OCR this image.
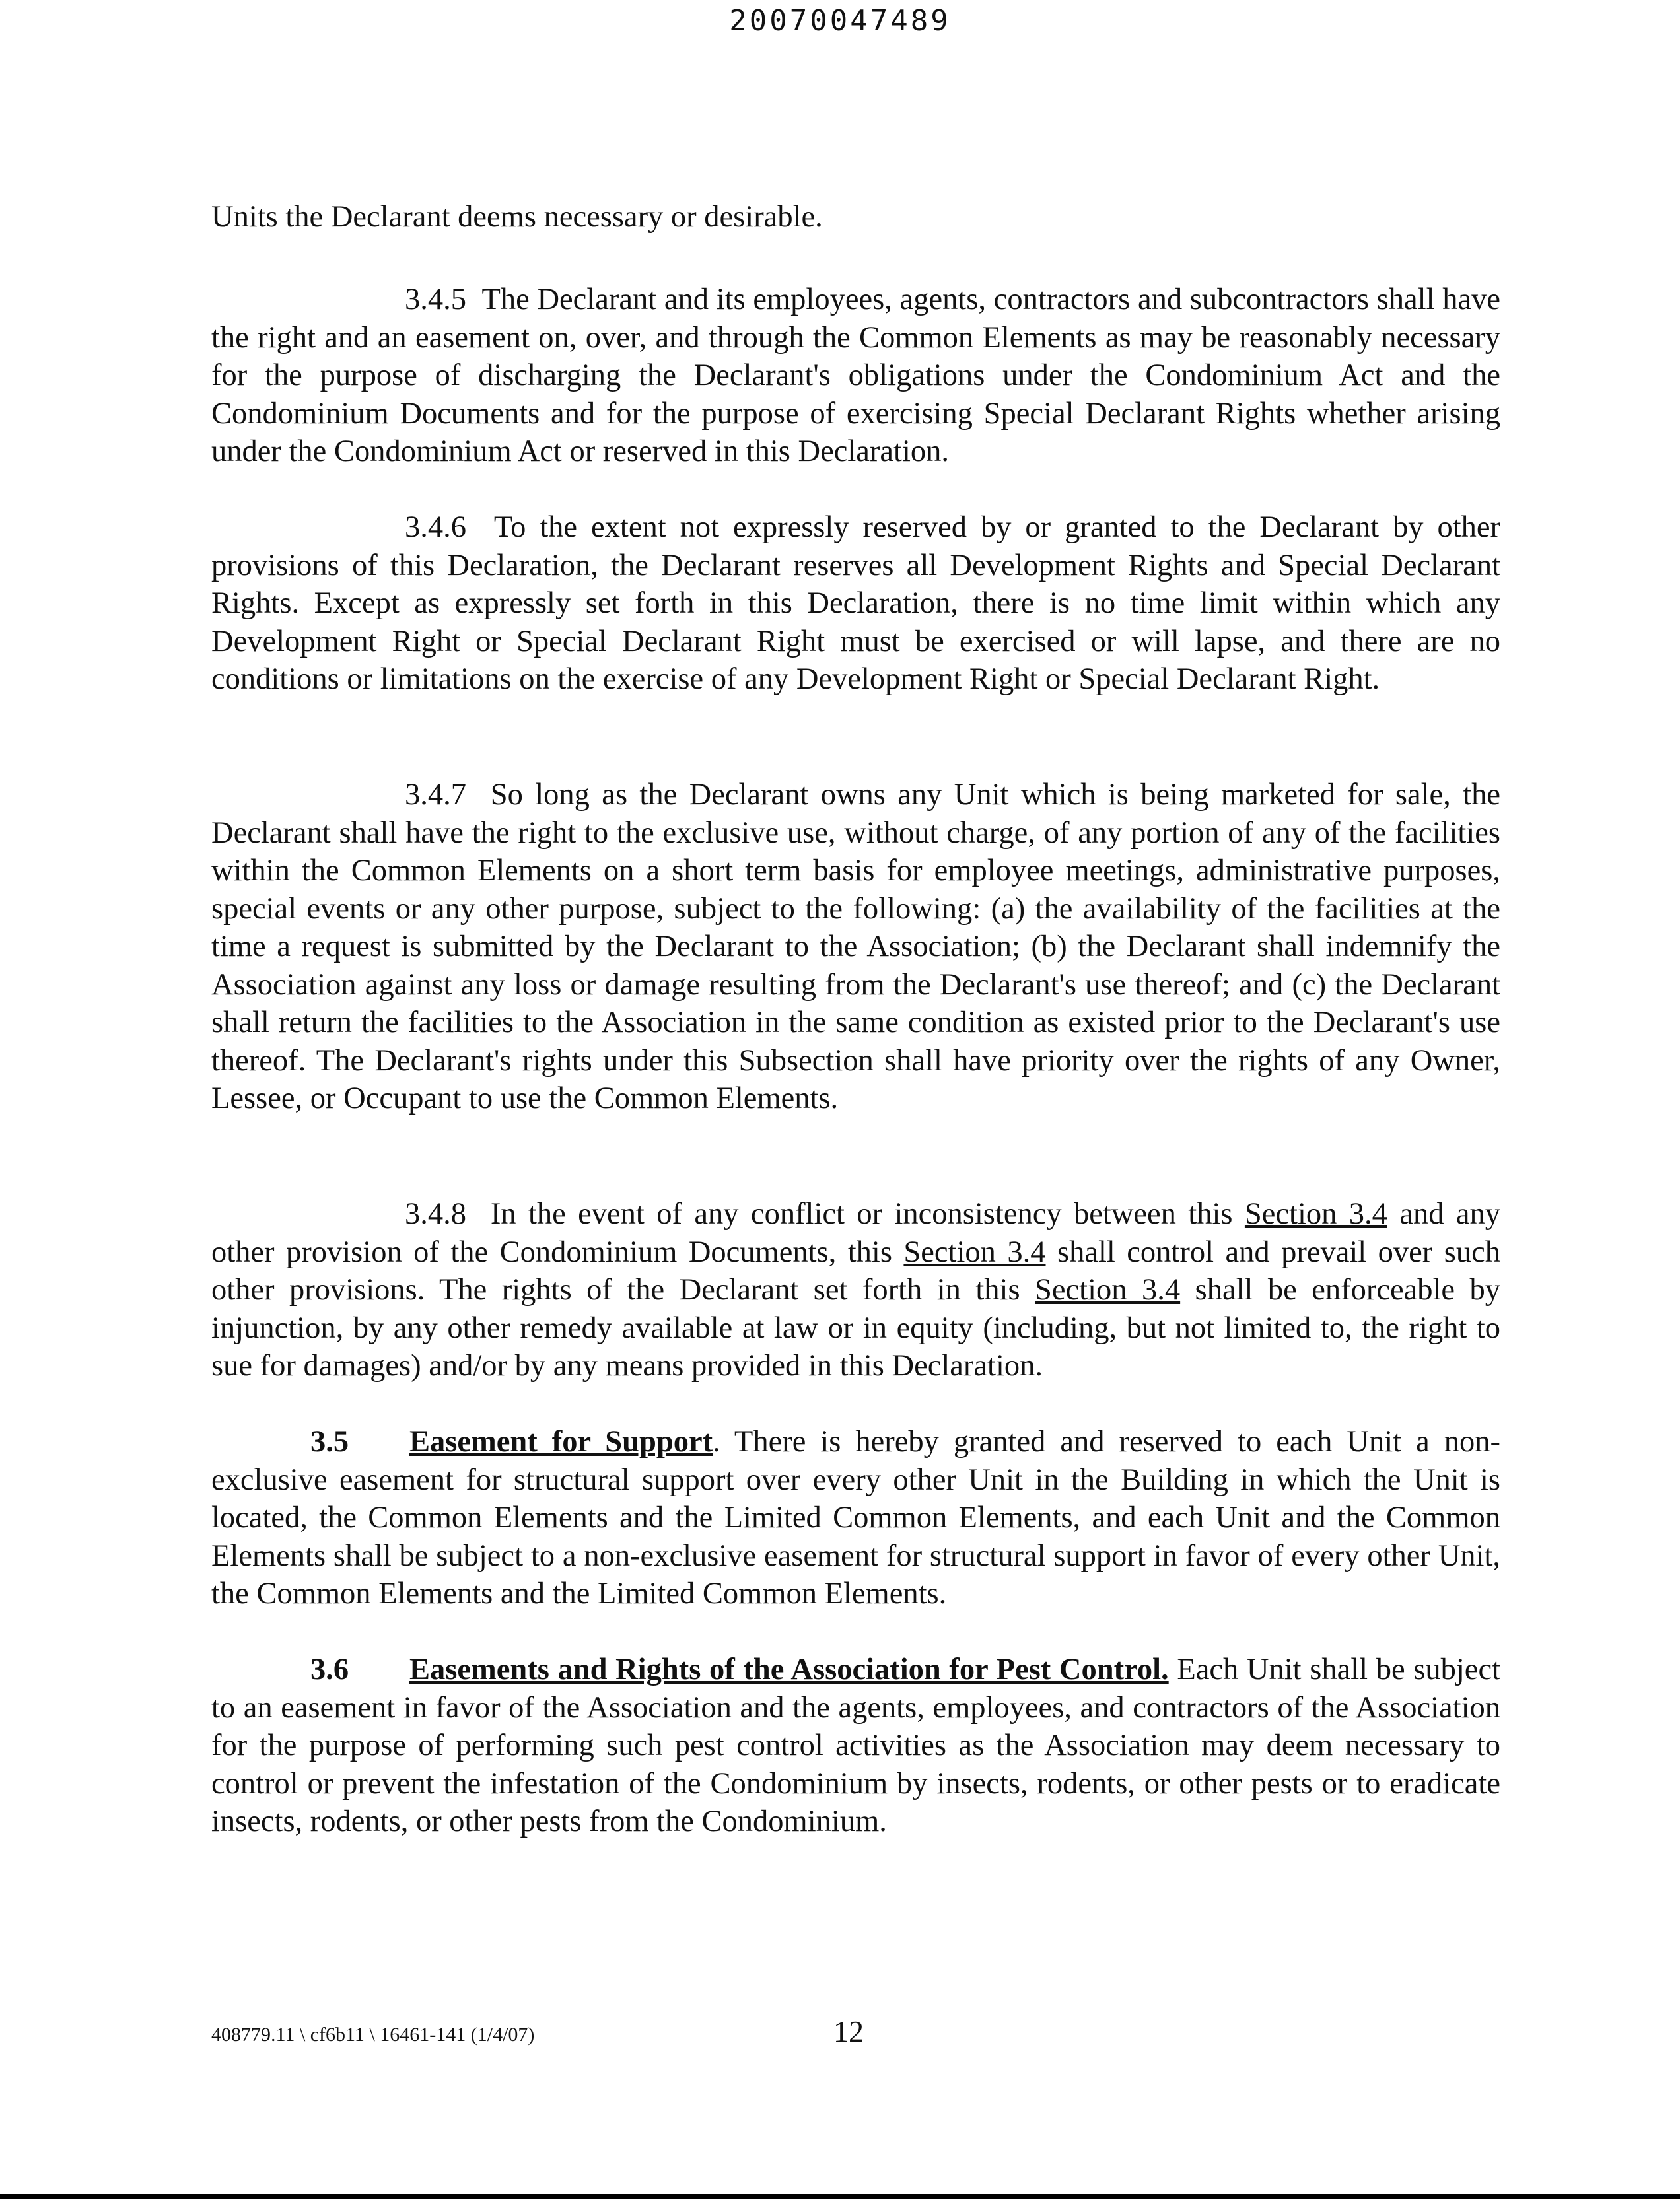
20070047489

Units the Declarant deems necessary or desirable.

3.4.5 The Declarant and its employees, agents, contractors and subcontractors shall have the right and an easement on, over, and through the Common Elements as may be reasonably necessary for the purpose of discharging the Declarant's obligations under the Condominium Act and the Condominium Documents and for the purpose of exercising Special Declarant Rights whether arising under the Condominium Act or reserved in this Declaration.

3.4.6 To the extent not expressly reserved by or granted to the Declarant by other provisions of this Declaration, the Declarant reserves all Development Rights and Special Declarant Rights. Except as expressly set forth in this Declaration, there is no time limit within which any Development Right or Special Declarant Right must be exercised or will lapse, and there are no conditions or limitations on the exercise of any Development Right or Special Declarant Right.

3.4.7 So long as the Declarant owns any Unit which is being marketed for sale, the Declarant shall have the right to the exclusive use, without charge, of any portion of any of the facilities within the Common Elements on a short term basis for employee meetings, administrative purposes, special events or any other purpose, subject to the following: (a) the availability of the facilities at the time a request is submitted by the Declarant to the Association; (b) the Declarant shall indemnify the Association against any loss or damage resulting from the Declarant's use thereof; and (c) the Declarant shall return the facilities to the Association in the same condition as existed prior to the Declarant's use thereof. The Declarant's rights under this Subsection shall have priority over the rights of any Owner, Lessee, or Occupant to use the Common Elements.

3.4.8 In the event of any conflict or inconsistency between this Section 3.4 and any other provision of the Condominium Documents, this Section 3.4 shall control and prevail over such other provisions. The rights of the Declarant set forth in this Section 3.4 shall be enforceable by injunction, by any other remedy available at law or in equity (including, but not limited to, the right to sue for damages) and/or by any means provided in this Declaration.

3.5 Easement for Support. There is hereby granted and reserved to each Unit a non-exclusive easement for structural support over every other Unit in the Building in which the Unit is located, the Common Elements and the Limited Common Elements, and each Unit and the Common Elements shall be subject to a non-exclusive easement for structural support in favor of every other Unit, the Common Elements and the Limited Common Elements.

3.6 Easements and Rights of the Association for Pest Control. Each Unit shall be subject to an easement in favor of the Association and the agents, employees, and contractors of the Association for the purpose of performing such pest control activities as the Association may deem necessary to control or prevent the infestation of the Condominium by insects, rodents, or other pests or to eradicate insects, rodents, or other pests from the Condominium.

408779.11 \ cf6b11 \ 16461-141 (1/4/07)	12
